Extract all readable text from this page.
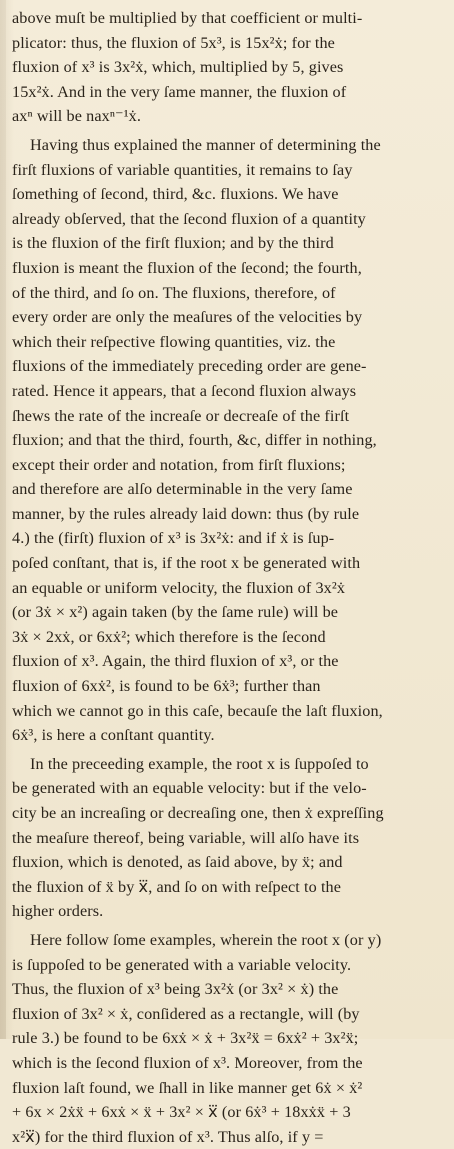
above muſt be multiplied by that coefficient or multi-
plicator: thus, the fluxion of 5x³, is 15x²ẋ; for the
fluxion of x³ is 3x²ẋ, which, multiplied by 5, gives
15x²ẋ. And in the very ſame manner, the fluxion of
axⁿ will be naxⁿ⁻¹ẋ.

Having thus explained the manner of determining the
firſt fluxions of variable quantities, it remains to ſay
ſomething of ſecond, third, &c. fluxions. We have
already obſerved, that the ſecond fluxion of a quantity
is the fluxion of the firſt fluxion; and by the third
fluxion is meant the fluxion of the ſecond; the fourth,
of the third, and ſo on. The fluxions, therefore, of
every order are only the meaſures of the velocities by
which their reſpective flowing quantities, viz. the
fluxions of the immediately preceding order are gene-
rated. Hence it appears, that a ſecond fluxion always
ſhews the rate of the increaſe or decreaſe of the firſt
fluxion; and that the third, fourth, &c, differ in nothing,
except their order and notation, from firſt fluxions;
and therefore are alſo determinable in the very ſame
manner, by the rules already laid down: thus (by rule
4.) the (firſt) fluxion of x³ is 3x²ẋ: and if ẋ is ſup-
poſed conſtant, that is, if the root x be generated with
an equable or uniform velocity, the fluxion of 3x²ẋ
(or 3ẋ × x²) again taken (by the ſame rule) will be
3ẋ × 2xẋ, or 6xẋ²; which therefore is the ſecond
fluxion of x³. Again, the third fluxion of x³, or the
fluxion of 6xẋ², is found to be 6ẋ³; further than
which we cannot go in this caſe, becauſe the laſt fluxion,
6ẋ³, is here a conſtant quantity.

In the preceeding example, the root x is ſuppoſed to
be generated with an equable velocity: but if the velo-
city be an increaſing or decreaſing one, then ẋ expreſſing
the meaſure thereof, being variable, will alſo have its
fluxion, which is denoted, as ſaid above, by ẍ; and
the fluxion of ẍ by x⃛, and ſo on with reſpect to the
higher orders.

Here follow ſome examples, wherein the root x (or y)
is ſuppoſed to be generated with a variable velocity.
Thus, the fluxion of x³ being 3x²ẋ (or 3x² × ẋ) the
fluxion of 3x² × ẋ, conſidered as a rectangle, will (by
rule 3.) be found to be 6xẋ × ẋ + 3x²ẍ = 6xẋ² + 3x²ẍ;
which is the ſecond fluxion of x³. Moreover, from the
fluxion laſt found, we ſhall in like manner get 6ẋ × ẋ²
+ 6x × 2ẋẍ + 6xẋ × ẍ + 3x² × x⃛ (or 6ẋ³ + 18xẋẍ + 3
x²x⃛) for the third fluxion of x³. Thus alſo, if y =
